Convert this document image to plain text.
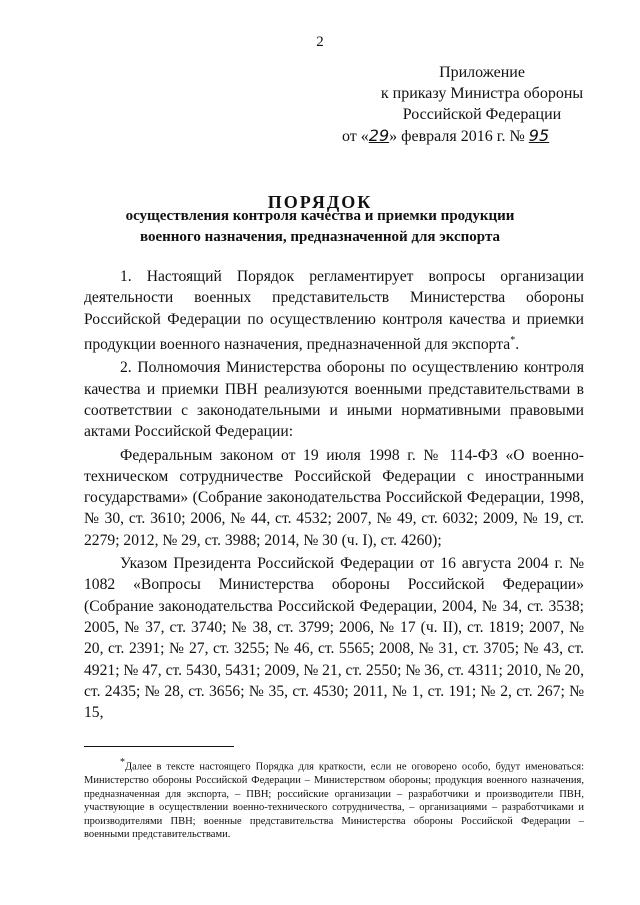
2
Приложение
к приказу Министра обороны
Российской Федерации
от «29» февраля 2016 г. № 95
ПОРЯДОК
осуществления контроля качества и приемки продукции военного назначения, предназначенной для экспорта

1. Настоящий Порядок регламентирует вопросы организации деятельности военных представительств Министерства обороны Российской Федерации по осуществлению контроля качества и приемки продукции военного назначения, предназначенной для экспорта*.

2. Полномочия Министерства обороны по осуществлению контроля качества и приемки ПВН реализуются военными представительствами в соответствии с законодательными и иными нормативными правовыми актами Российской Федерации:

Федеральным законом от 19 июля 1998 г. № 114-ФЗ «О военно-техническом сотрудничестве Российской Федерации с иностранными государствами» (Собрание законодательства Российской Федерации, 1998, № 30, ст. 3610; 2006, № 44, ст. 4532; 2007, № 49, ст. 6032; 2009, № 19, ст. 2279; 2012, № 29, ст. 3988; 2014, № 30 (ч. I), ст. 4260);

Указом Президента Российской Федерации от 16 августа 2004 г. № 1082 «Вопросы Министерства обороны Российской Федерации» (Собрание законодательства Российской Федерации, 2004, № 34, ст. 3538; 2005, № 37, ст. 3740; № 38, ст. 3799; 2006, № 17 (ч. II), ст. 1819; 2007, № 20, ст. 2391; № 27, ст. 3255; № 46, ст. 5565; 2008, № 31, ст. 3705; № 43, ст. 4921; № 47, ст. 5430, 5431; 2009, № 21, ст. 2550; № 36, ст. 4311; 2010, № 20, ст. 2435; № 28, ст. 3656; № 35, ст. 4530; 2011, № 1, ст. 191; № 2, ст. 267; № 15,

*Далее в тексте настоящего Порядка для краткости, если не оговорено особо, будут именоваться: Министерство обороны Российской Федерации – Министерством обороны; продукция военного назначения, предназначенная для экспорта, – ПВН; российские организации – разработчики и производители ПВН, участвующие в осуществлении военно-технического сотрудничества, – организациями – разработчиками и производителями ПВН; военные представительства Министерства обороны Российской Федерации – военными представительствами.
